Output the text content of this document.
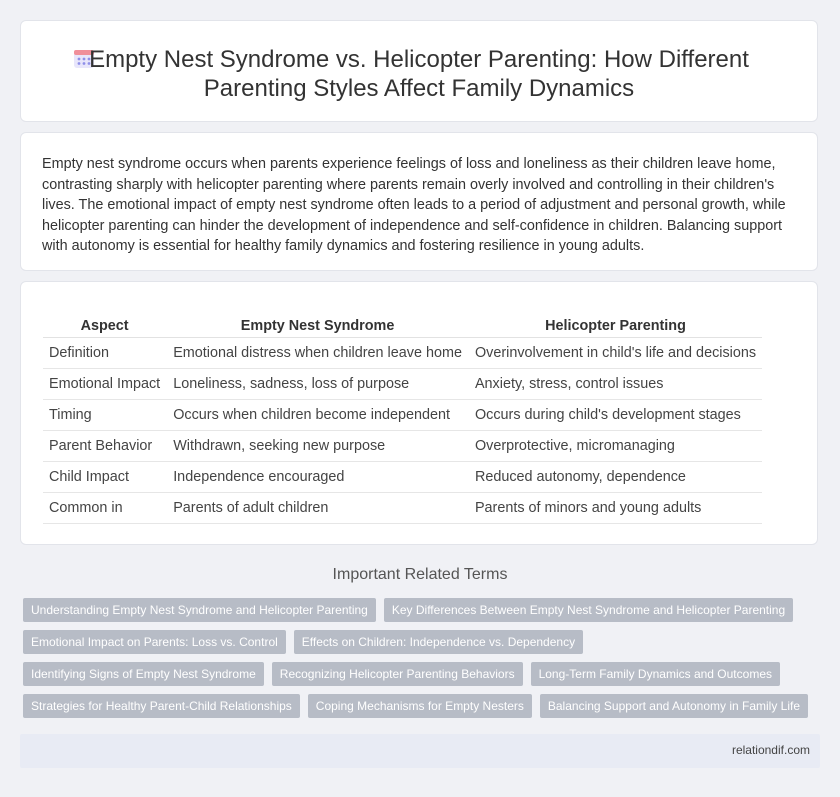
Empty Nest Syndrome vs. Helicopter Parenting: How Different
Parenting Styles Affect Family Dynamics
Empty nest syndrome occurs when parents experience feelings of loss and loneliness as their children leave home, contrasting sharply with helicopter parenting where parents remain overly involved and controlling in their children's lives. The emotional impact of empty nest syndrome often leads to a period of adjustment and personal growth, while helicopter parenting can hinder the development of independence and self-confidence in children. Balancing support with autonomy is essential for healthy family dynamics and fostering resilience in young adults.
Aspect	Empty Nest Syndrome	Helicopter Parenting
Definition	Emotional distress when children leave home	Overinvolvement in child's life and decisions
Emotional Impact	Loneliness, sadness, loss of purpose	Anxiety, stress, control issues
Timing	Occurs when children become independent	Occurs during child's development stages
Parent Behavior	Withdrawn, seeking new purpose	Overprotective, micromanaging
Child Impact	Independence encouraged	Reduced autonomy, dependence
Common in	Parents of adult children	Parents of minors and young adults
Important Related Terms
Understanding Empty Nest Syndrome and Helicopter Parenting	Key Differences Between Empty Nest Syndrome and Helicopter Parenting
Emotional Impact on Parents: Loss vs. Control	Effects on Children: Independence vs. Dependency
Identifying Signs of Empty Nest Syndrome	Recognizing Helicopter Parenting Behaviors	Long-Term Family Dynamics and Outcomes
Strategies for Healthy Parent-Child Relationships	Coping Mechanisms for Empty Nesters	Balancing Support and Autonomy in Family Life
relationdif.com
